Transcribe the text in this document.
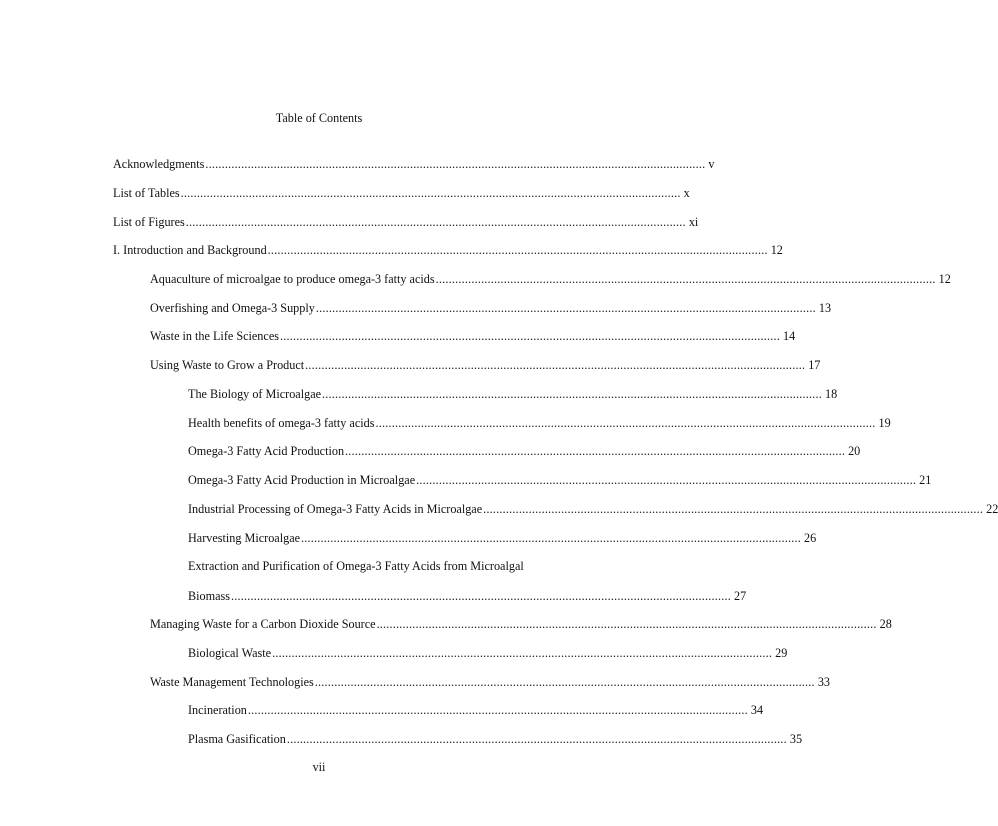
Table of Contents
Acknowledgments .......................................................................................................................................................... v
List of Tables .......................................................................................................................................................... x
List of Figures .......................................................................................................................................................... xi
I. Introduction and Background .......................................................................................................................................................... 12
Aquaculture of microalgae to produce omega-3 fatty acids .......................................................................................................................................................... 12
Overfishing and Omega-3 Supply .......................................................................................................................................................... 13
Waste in the Life Sciences .......................................................................................................................................................... 14
Using Waste to Grow a Product .......................................................................................................................................................... 17
The Biology of Microalgae .......................................................................................................................................................... 18
Health benefits of omega-3 fatty acids .......................................................................................................................................................... 19
Omega-3 Fatty Acid Production .......................................................................................................................................................... 20
Omega-3 Fatty Acid Production in Microalgae .......................................................................................................................................................... 21
Industrial Processing of Omega-3 Fatty Acids in Microalgae .......................................................................................................................................................... 22
Harvesting Microalgae .......................................................................................................................................................... 26
Extraction and Purification of Omega-3 Fatty Acids from Microalgal
Biomass .......................................................................................................................................................... 27
Managing Waste for a Carbon Dioxide Source .......................................................................................................................................................... 28
Biological Waste .......................................................................................................................................................... 29
Waste Management Technologies .......................................................................................................................................................... 33
Incineration .......................................................................................................................................................... 34
Plasma Gasification .......................................................................................................................................................... 35
vii
